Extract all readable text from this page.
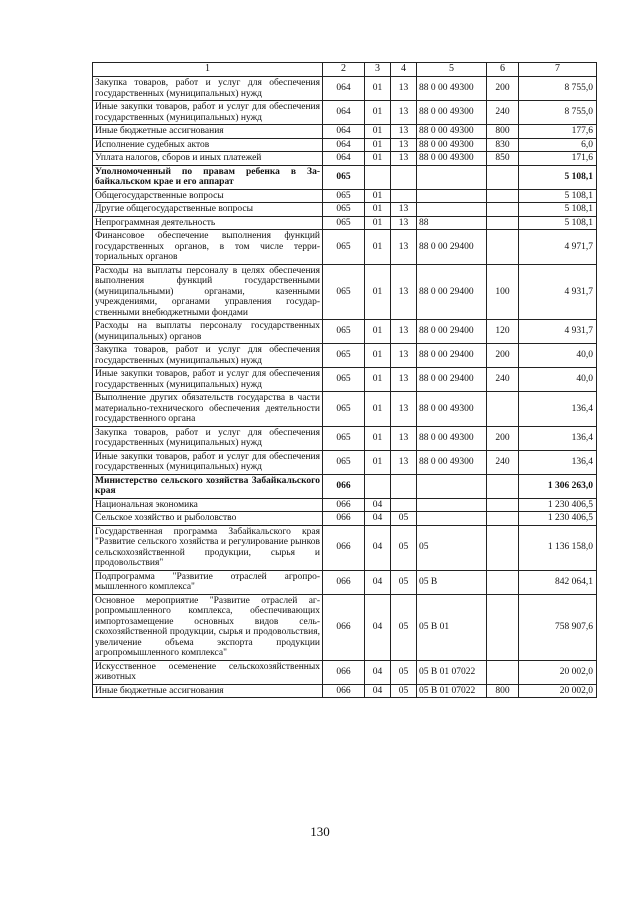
1	2	3	4	5	6	7
Закупка товаров, работ и услуг для обеспечения государственных (муниципальных) нужд	064	01	13	88 0 00 49300	200	8 755,0
Иные закупки товаров, работ и услуг для обеспечения государственных (муниципальных) нужд	064	01	13	88 0 00 49300	240	8 755,0
Иные бюджетные ассигнования	064	01	13	88 0 00 49300	800	177,6
Исполнение судебных актов	064	01	13	88 0 00 49300	830	6,0
Уплата налогов, сборов и иных платежей	064	01	13	88 0 00 49300	850	171,6
Уполномоченный по правам ребенка в Забайкальском крае и его аппарат	065					5 108,1
Общегосударственные вопросы	065	01				5 108,1
Другие общегосударственные вопросы	065	01	13			5 108,1
Непрограммная деятельность	065	01	13	88		5 108,1
Финансовое обеспечение выполнения функций государственных органов, в том числе территориальных органов	065	01	13	88 0 00 29400		4 971,7
Расходы на выплаты персоналу в целях обеспечения выполнения функций государственными (муниципальными) органами, казенными учреждениями, органами управления государственными внебюджетными фондами	065	01	13	88 0 00 29400	100	4 931,7
Расходы на выплаты персоналу государственных (муниципальных) органов	065	01	13	88 0 00 29400	120	4 931,7
Закупка товаров, работ и услуг для обеспечения государственных (муниципальных) нужд	065	01	13	88 0 00 29400	200	40,0
Иные закупки товаров, работ и услуг для обеспечения государственных (муниципальных) нужд	065	01	13	88 0 00 29400	240	40,0
Выполнение других обязательств государства в части материально-технического обеспечения деятельности государственного органа	065	01	13	88 0 00 49300		136,4
Закупка товаров, работ и услуг для обеспечения государственных (муниципальных) нужд	065	01	13	88 0 00 49300	200	136,4
Иные закупки товаров, работ и услуг для обеспечения государственных (муниципальных) нужд	065	01	13	88 0 00 49300	240	136,4
Министерство сельского хозяйства Забайкальского края	066					1 306 263,0
Национальная экономика	066	04				1 230 406,5
Сельское хозяйство и рыболовство	066	04	05			1 230 406,5
Государственная программа Забайкальского края "Развитие сельского хозяйства и регулирование рынков сельскохозяйственной продукции, сырья и продовольствия"	066	04	05	05		1 136 158,0
Подпрограмма "Развитие отраслей агропромышленного комплекса"	066	04	05	05 В		842 064,1
Основное мероприятие "Развитие отраслей агропромышленного комплекса, обеспечивающих импортозамещение основных видов сельскохозяйственной продукции, сырья и продовольствия, увеличение объема экспорта продукции агропромышленного комплекса"	066	04	05	05 В 01		758 907,6
Искусственное осеменение сельскохозяйственных животных	066	04	05	05 В 01 07022		20 002,0
Иные бюджетные ассигнования	066	04	05	05 В 01 07022	800	20 002,0
130
